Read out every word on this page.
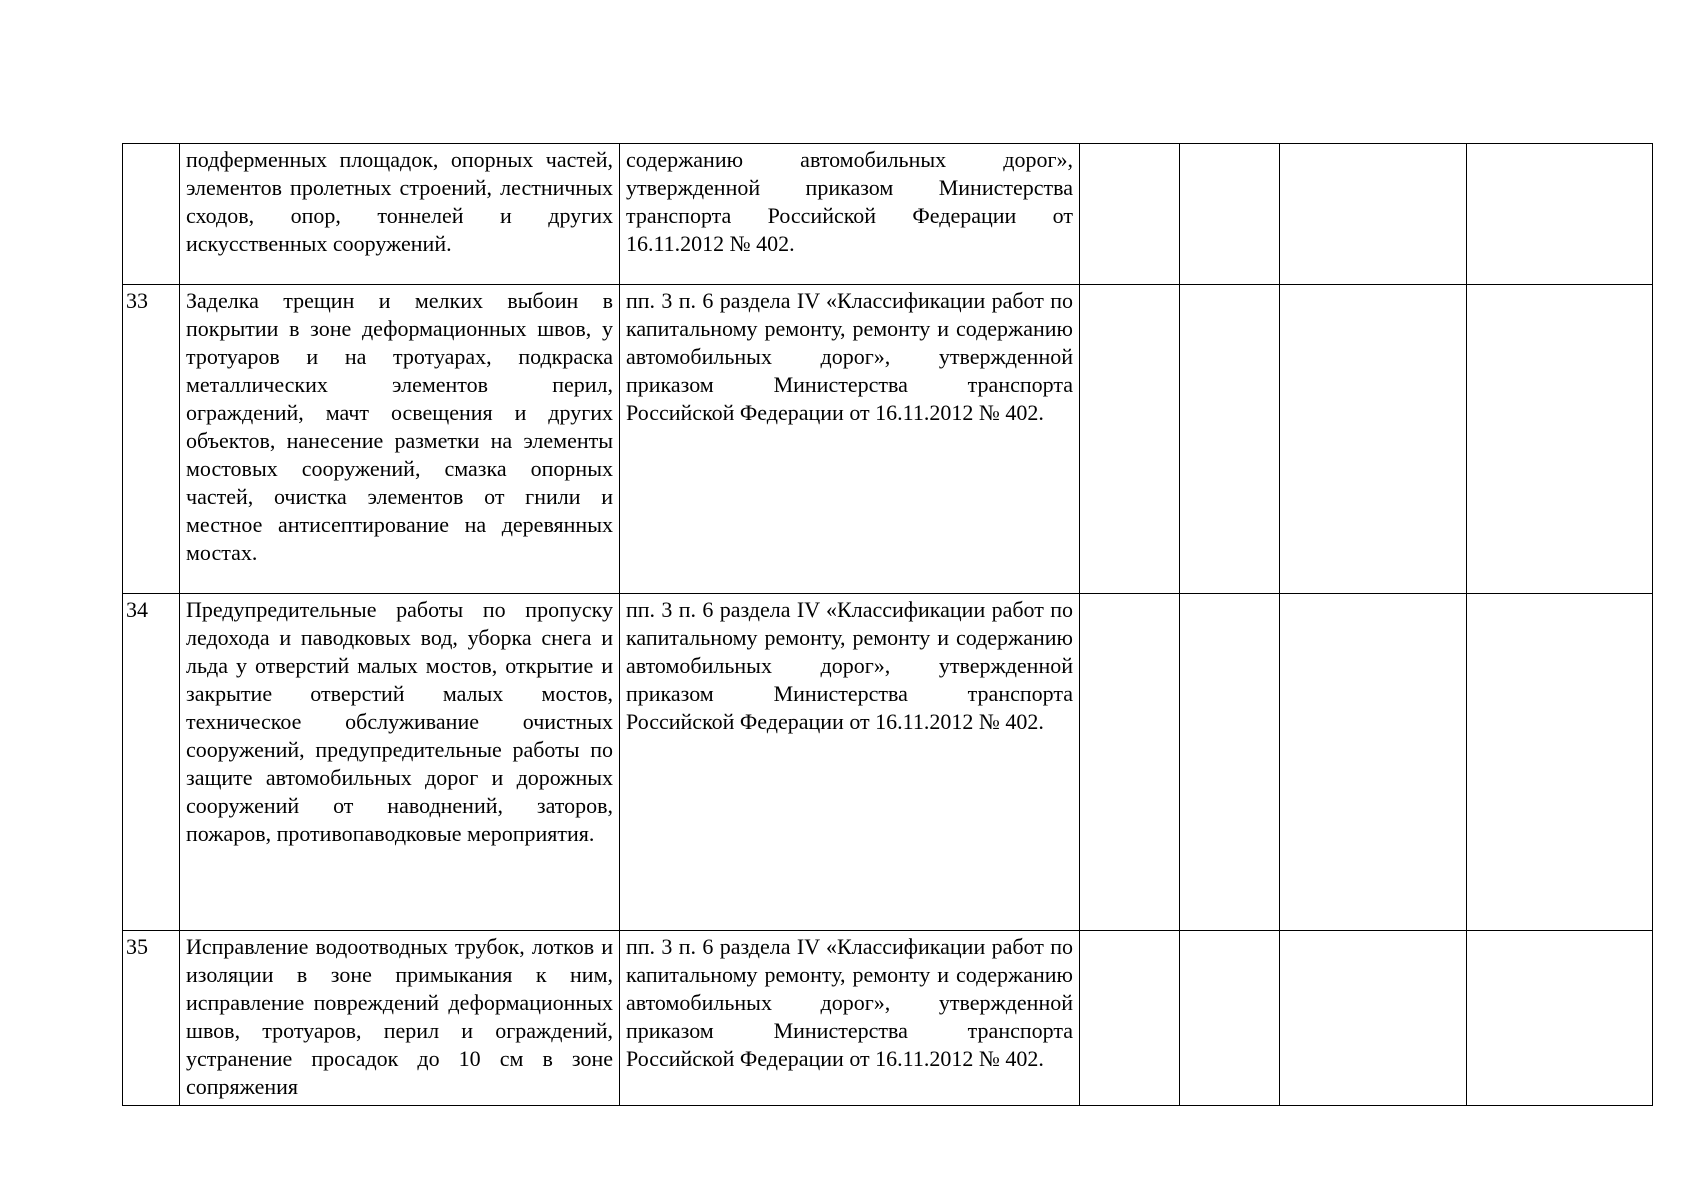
	подферменных площадок, опорных частей, элементов пролетных строений, лестничных сходов, опор, тоннелей и других искусственных сооружений.	содержанию автомобильных дорог», утвержденной приказом Министерства транспорта Российской Федерации от 16.11.2012 № 402.				
33	Заделка трещин и мелких выбоин в покрытии в зоне деформационных швов, у тротуаров и на тротуарах, подкраска металлических элементов перил, ограждений, мачт освещения и других объектов, нанесение разметки на элементы мостовых сооружений, смазка опорных частей, очистка элементов от гнили и местное антисептирование на деревянных мостах.	пп. 3 п. 6 раздела IV «Классификации работ по капитальному ремонту, ремонту и содержанию автомобильных дорог», утвержденной приказом Министерства транспорта Российской Федерации от 16.11.2012 № 402.				
34	Предупредительные работы по пропуску ледохода и паводковых вод, уборка снега и льда у отверстий малых мостов, открытие и закрытие отверстий малых мостов, техническое обслуживание очистных сооружений, предупредительные работы по защите автомобильных дорог и дорожных сооружений от наводнений, заторов, пожаров, противопаводковые мероприятия.	пп. 3 п. 6 раздела IV «Классификации работ по капитальному ремонту, ремонту и содержанию автомобильных дорог», утвержденной приказом Министерства транспорта Российской Федерации от 16.11.2012 № 402.				
35	Исправление водоотводных трубок, лотков и изоляции в зоне примыкания к ним, исправление повреждений деформационных швов, тротуаров, перил и ограждений, устранение просадок до 10 см в зоне сопряжения	пп. 3 п. 6 раздела IV «Классификации работ по капитальному ремонту, ремонту и содержанию автомобильных дорог», утвержденной приказом Министерства транспорта Российской Федерации от 16.11.2012 № 402.				
